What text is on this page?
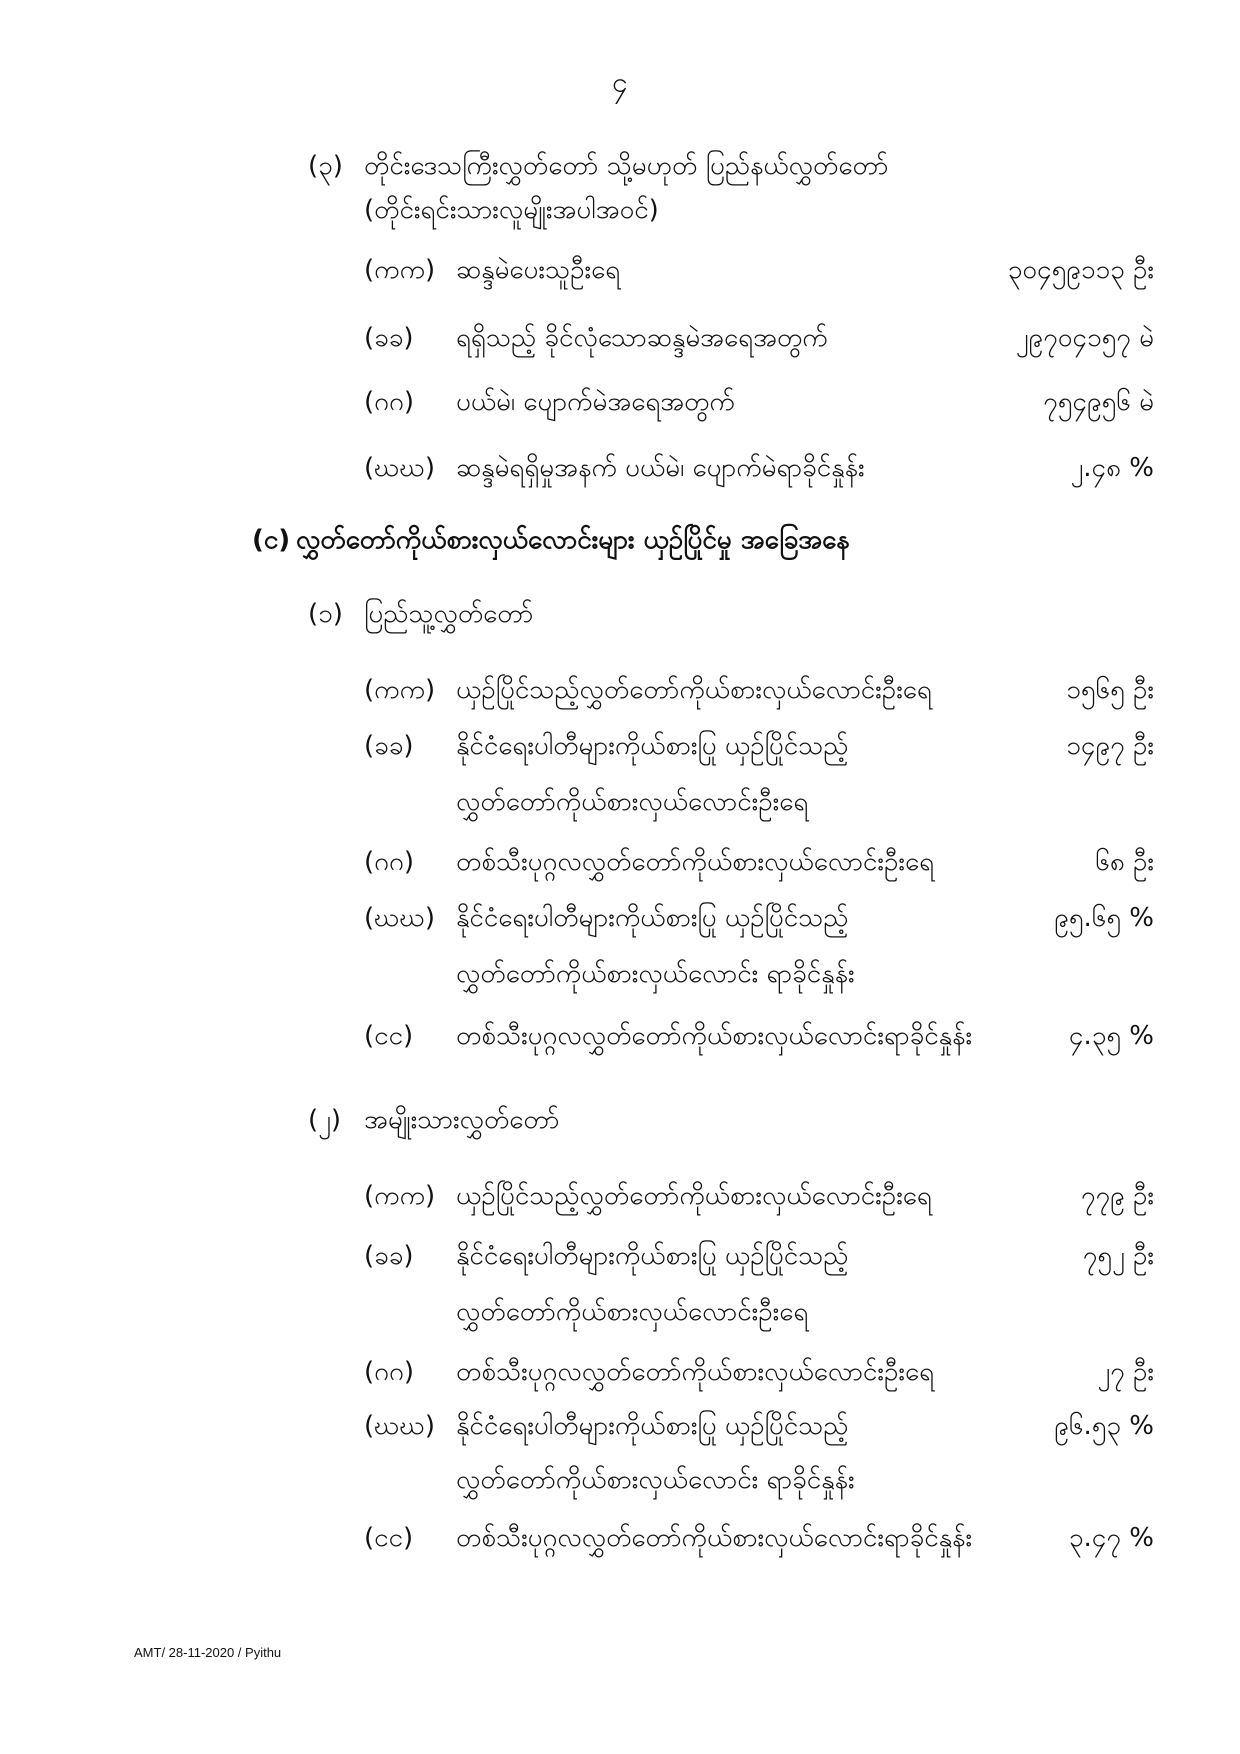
၄
(၃) တိုင်းဒေသကြီးလွှတ်တော် သို့မဟုတ် ပြည်နယ်လွှတ်တော်
(တိုင်းရင်းသားလူမျိုးအပါအဝင်)
(ကက) ဆန္ဒမဲပေးသူဦးရေ	၃၀၄၅၉၁၁၃ ဦး
(ခခ) ရရှိသည့် ခိုင်လုံသောဆန္ဒမဲအရေအတွက်	၂၉၇၀၄၁၅၇ မဲ
(ဂဂ) ပယ်မဲ၊ ပျောက်မဲအရေအတွက်	၇၅၄၉၅၆ မဲ
(ဃဃ) ဆန္ဒမဲရရှိမှုအနက် ပယ်မဲ၊ ပျောက်မဲရာခိုင်နှုန်း	၂.၄၈ %
(င) လွှတ်တော်ကိုယ်စားလှယ်လောင်းများ ယှဉ်ပြိုင်မှု အခြေအနေ
(၁) ပြည်သူ့လွှတ်တော်
(ကက) ယှဉ်ပြိုင်သည့်လွှတ်တော်ကိုယ်စားလှယ်လောင်းဦးရေ	၁၅၆၅ ဦး
(ခခ) နိုင်ငံရေးပါတီများကိုယ်စားပြု ယှဉ်ပြိုင်သည့်	၁၄၉၇ ဦး
လွှတ်တော်ကိုယ်စားလှယ်လောင်းဦးရေ
(ဂဂ) တစ်သီးပုဂ္ဂလလွှတ်တော်ကိုယ်စားလှယ်လောင်းဦးရေ	၆၈ ဦး
(ဃဃ) နိုင်ငံရေးပါတီများကိုယ်စားပြု ယှဉ်ပြိုင်သည့်	၉၅.၆၅ %
လွှတ်တော်ကိုယ်စားလှယ်လောင်း ရာခိုင်နှုန်း
(ငင) တစ်သီးပုဂ္ဂလလွှတ်တော်ကိုယ်စားလှယ်လောင်းရာခိုင်နှုန်း	၄.၃၅ %
(၂) အမျိုးသားလွှတ်တော်
(ကက) ယှဉ်ပြိုင်သည့်လွှတ်တော်ကိုယ်စားလှယ်လောင်းဦးရေ	၇၇၉ ဦး
(ခခ) နိုင်ငံရေးပါတီများကိုယ်စားပြု ယှဉ်ပြိုင်သည့်	၇၅၂ ဦး
လွှတ်တော်ကိုယ်စားလှယ်လောင်းဦးရေ
(ဂဂ) တစ်သီးပုဂ္ဂလလွှတ်တော်ကိုယ်စားလှယ်လောင်းဦးရေ	၂၇ ဦး
(ဃဃ) နိုင်ငံရေးပါတီများကိုယ်စားပြု ယှဉ်ပြိုင်သည့်	၉၆.၅၃ %
လွှတ်တော်ကိုယ်စားလှယ်လောင်း ရာခိုင်နှုန်း
(ငင) တစ်သီးပုဂ္ဂလလွှတ်တော်ကိုယ်စားလှယ်လောင်းရာခိုင်နှုန်း	၃.၄၇ %
AMT/ 28-11-2020 / Pyithu
